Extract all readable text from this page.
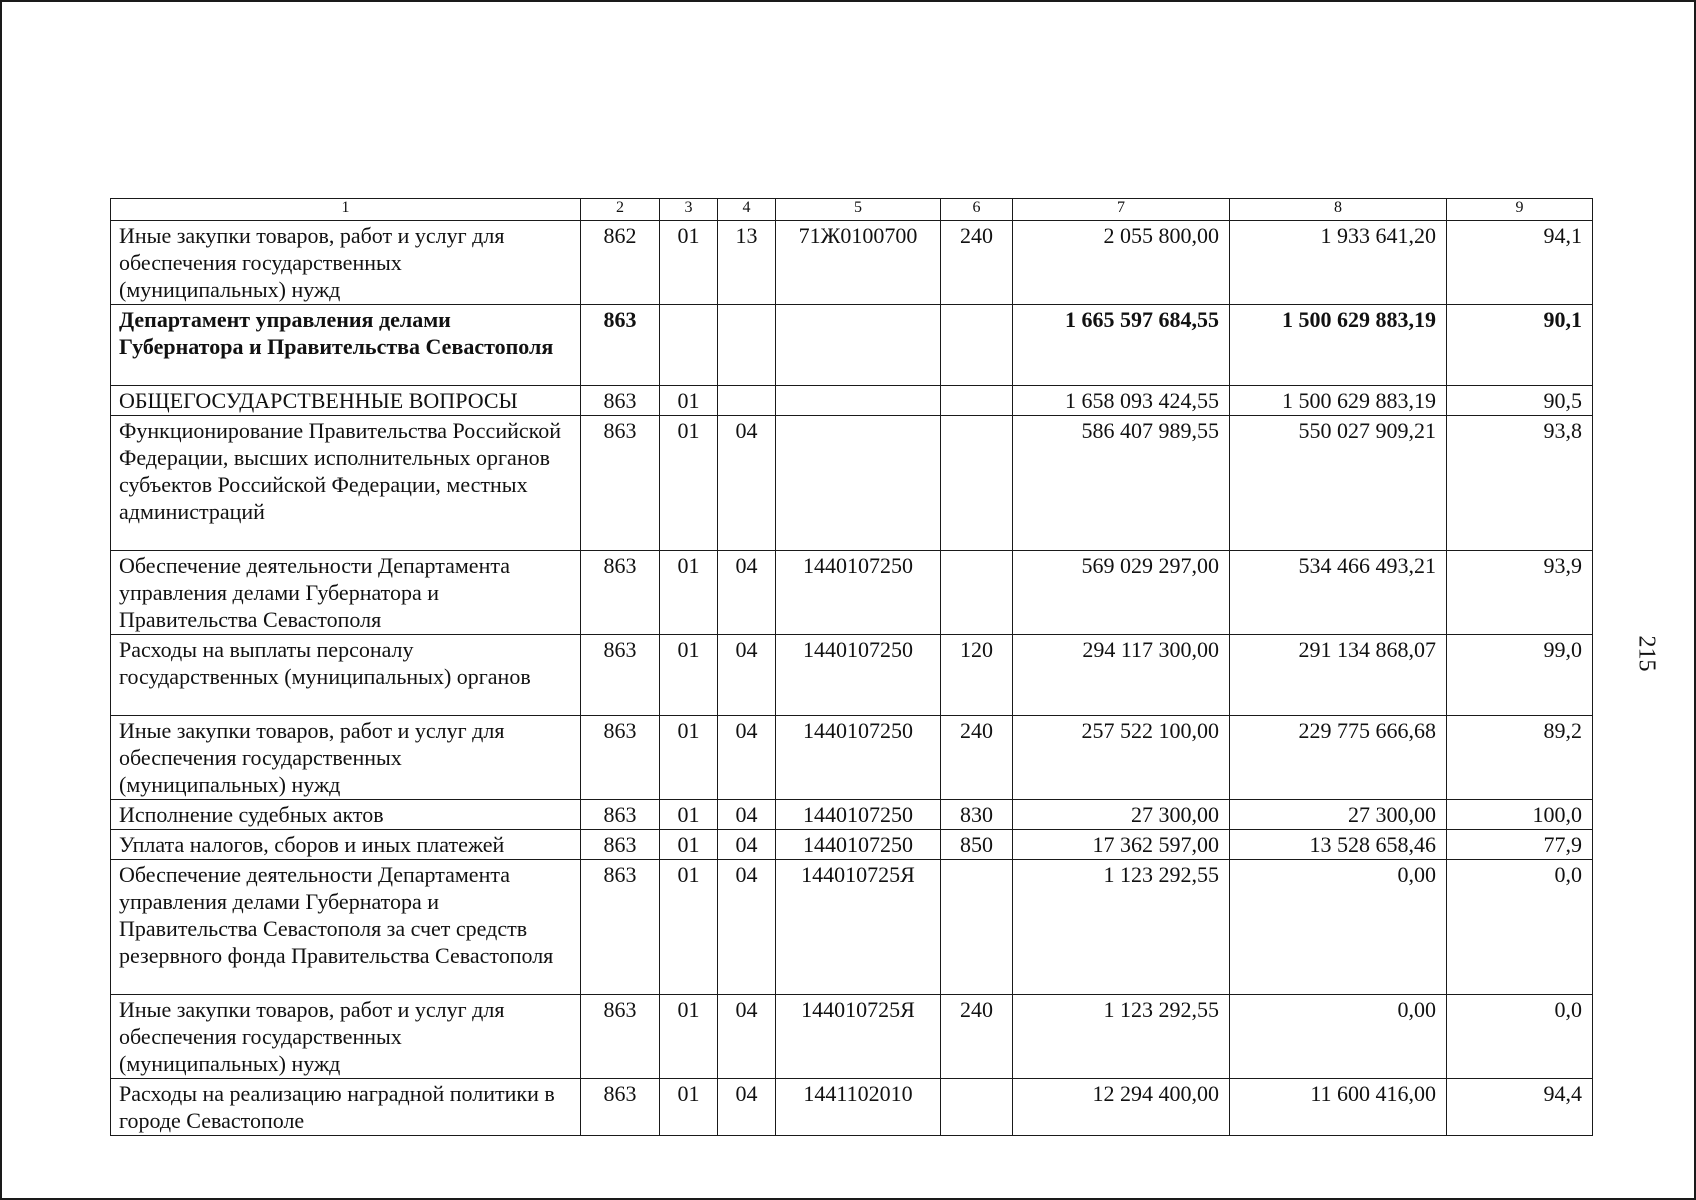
1	2	3	4	5	6	7	8	9
Иные закупки товаров, работ и услуг для обеспечения государственных (муниципальных) нужд	862	01	13	71Ж0100700	240	2 055 800,00	1 933 641,20	94,1
Департамент управления делами Губернатора и Правительства Севастополя	863					1 665 597 684,55	1 500 629 883,19	90,1
ОБЩЕГОСУДАРСТВЕННЫЕ ВОПРОСЫ	863	01				1 658 093 424,55	1 500 629 883,19	90,5
Функционирование Правительства Российской Федерации, высших исполнительных органов субъектов Российской Федерации, местных администраций	863	01	04			586 407 989,55	550 027 909,21	93,8
Обеспечение деятельности Департамента управления делами Губернатора и Правительства Севастополя	863	01	04	1440107250		569 029 297,00	534 466 493,21	93,9
Расходы на выплаты персоналу государственных (муниципальных) органов	863	01	04	1440107250	120	294 117 300,00	291 134 868,07	99,0
Иные закупки товаров, работ и услуг для обеспечения государственных (муниципальных) нужд	863	01	04	1440107250	240	257 522 100,00	229 775 666,68	89,2
Исполнение судебных актов	863	01	04	1440107250	830	27 300,00	27 300,00	100,0
Уплата налогов, сборов и иных платежей	863	01	04	1440107250	850	17 362 597,00	13 528 658,46	77,9
Обеспечение деятельности Департамента управления делами Губернатора и Правительства Севастополя за счет средств резервного фонда Правительства Севастополя	863	01	04	144010725Я		1 123 292,55	0,00	0,0
Иные закупки товаров, работ и услуг для обеспечения государственных (муниципальных) нужд	863	01	04	144010725Я	240	1 123 292,55	0,00	0,0
Расходы на реализацию наградной политики в городе Севастополе	863	01	04	1441102010		12 294 400,00	11 600 416,00	94,4
215
